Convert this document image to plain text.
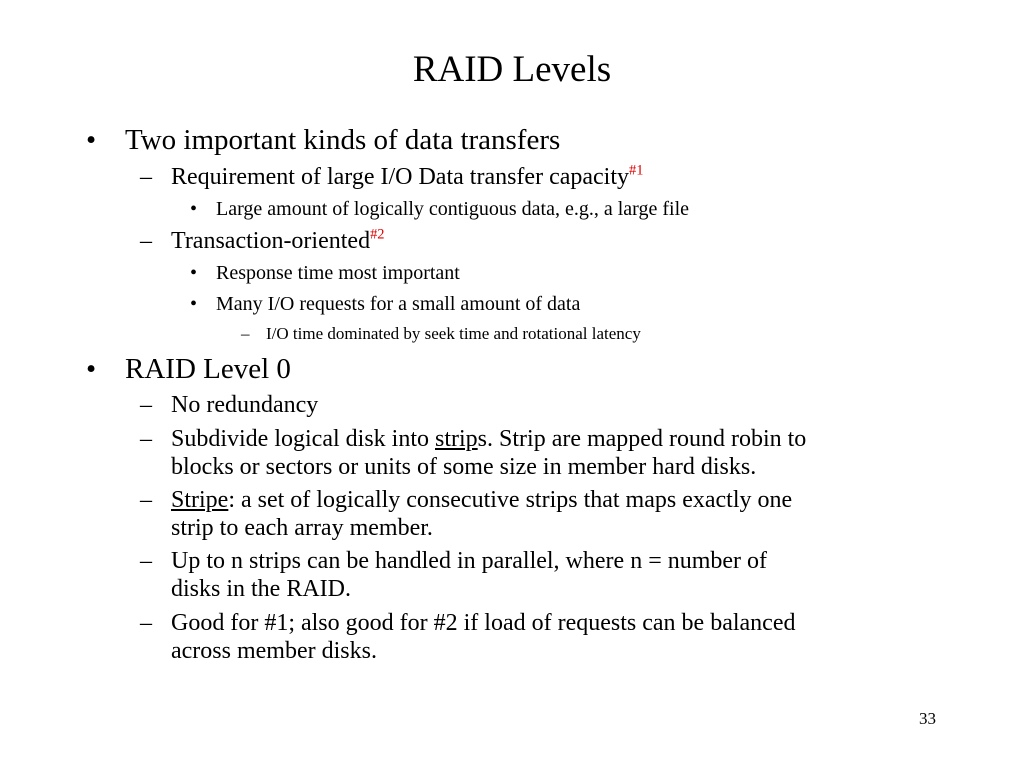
RAID Levels
• Two important kinds of data transfers
– Requirement of large I/O Data transfer capacity$^{\#1}$
• Large amount of logically contiguous data, e.g., a large file
– Transaction-oriented$^{\#2}$
• Response time most important
• Many I/O requests for a small amount of data
– I/O time dominated by seek time and rotational latency
• RAID Level 0
– No redundancy
– Subdivide logical disk into strips. Strip are mapped round robin to
blocks or sectors or units of some size in member hard disks.
– Stripe: a set of logically consecutive strips that maps exactly one
strip to each array member.
– Up to n strips can be handled in parallel, where n = number of
disks in the RAID.
– Good for #1; also good for #2 if load of requests can be balanced
across member disks.
33
